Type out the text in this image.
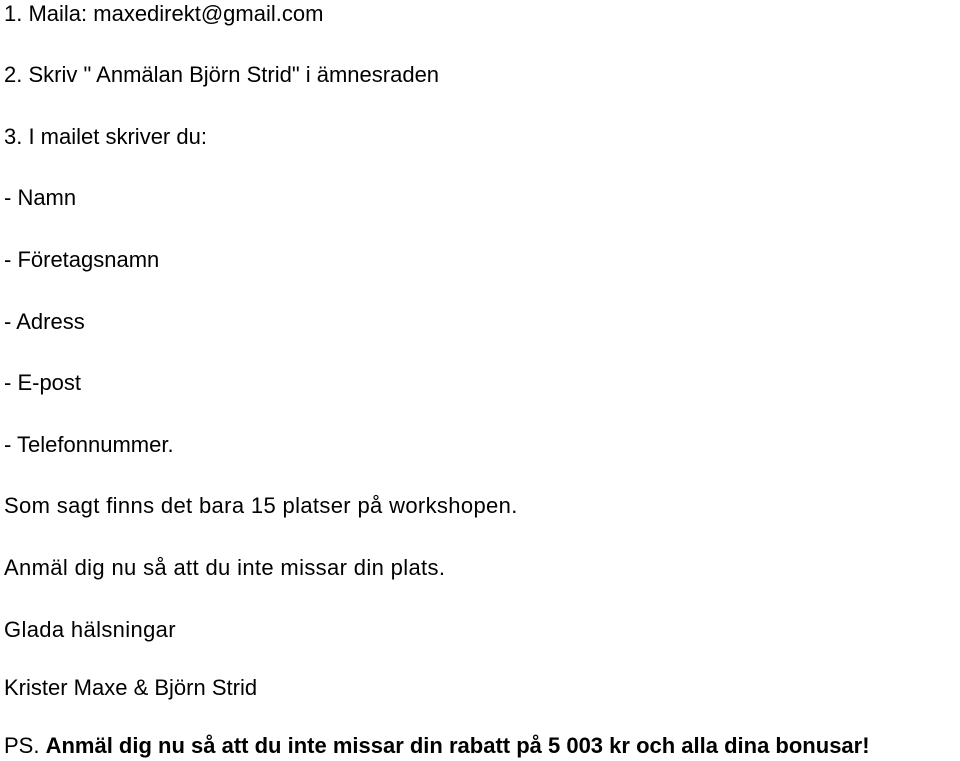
1. Maila: maxedirekt@gmail.com
2. Skriv " Anmälan Björn Strid" i ämnesraden
3. I mailet skriver du:
- Namn
- Företagsnamn
- Adress
- E-post
- Telefonnummer.
Som sagt finns det bara 15 platser på workshopen.
Anmäl dig nu så att du inte missar din plats.
Glada hälsningar
Krister Maxe & Björn Strid
PS. Anmäl dig nu så att du inte missar din rabatt på 5 003 kr och alla dina bonusar!
